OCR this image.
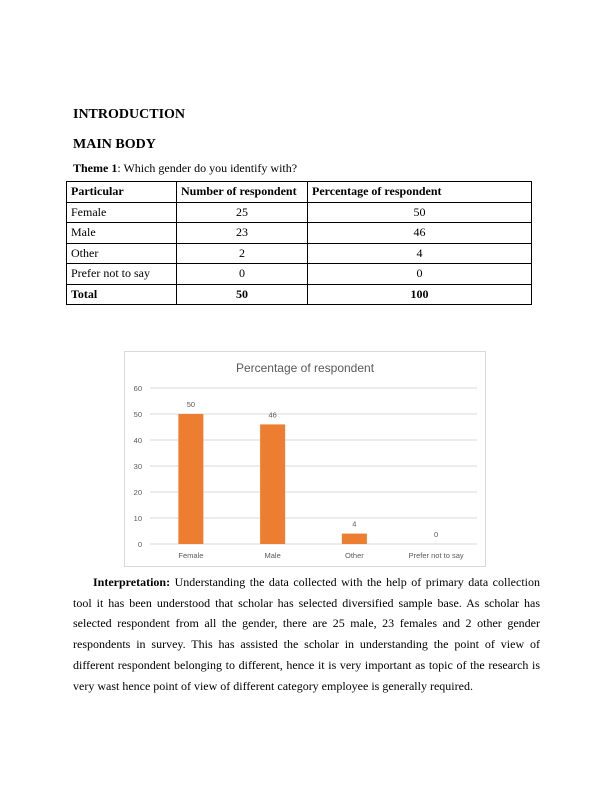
INTRODUCTION
MAIN BODY
Theme 1: Which gender do you identify with?
Particular	Number of respondent	Percentage of respondent
Female	25	50
Male	23	46
Other	2	4
Prefer not to say	0	0
Total	50	100
Percentage of respondent
0
10
20
30
40
50
60
50
Female
46
Male
4
Other
0
Prefer not to say

Interpretation: Understanding the data collected with the help of primary data collection tool it has been understood that scholar has selected diversified sample base. As scholar has selected respondent from all the gender, there are 25 male, 23 females and 2 other gender respondents in survey. This has assisted the scholar in understanding the point of view of different respondent belonging to different, hence it is very important as topic of the research is very wast hence point of view of different category employee is generally required.
